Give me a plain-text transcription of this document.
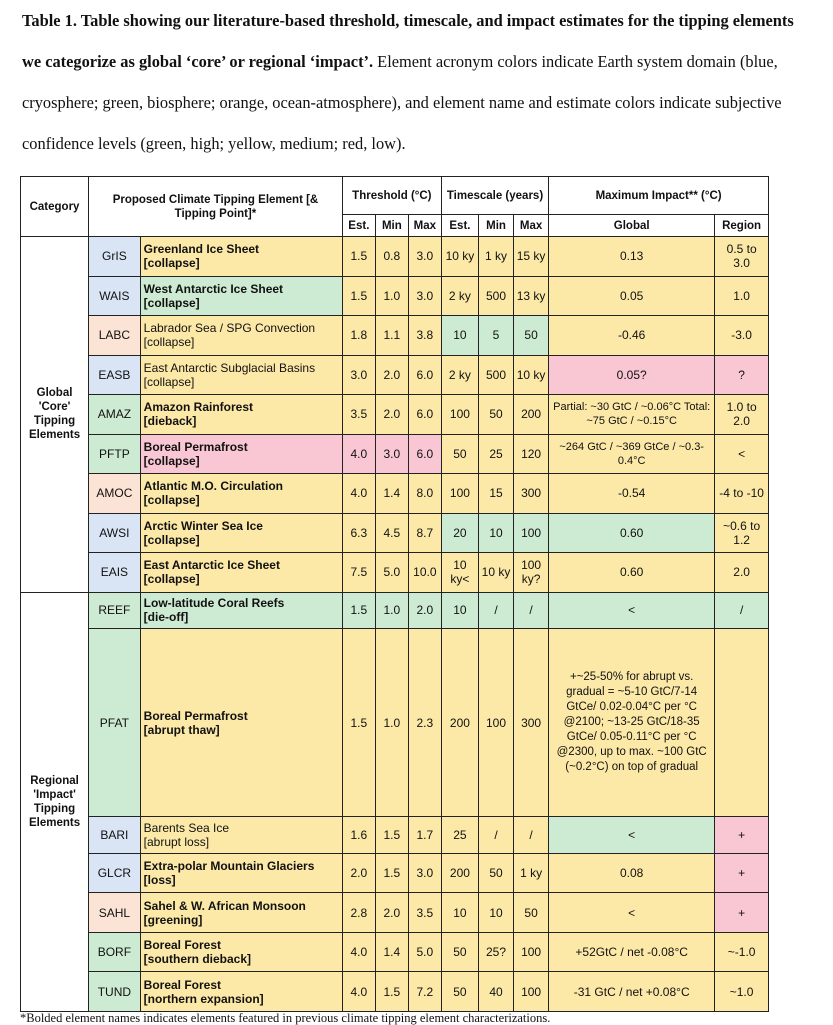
Table 1. Table showing our literature-based threshold, timescale, and impact estimates for the tipping elements we categorize as global ‘core’ or regional ‘impact’. Element acronym colors indicate Earth system domain (blue, cryosphere; green, biosphere; orange, ocean-atmosphere), and element name and estimate colors indicate subjective confidence levels (green, high; yellow, medium; red, low).
Category	Proposed Climate Tipping Element [& Tipping Point]*		Threshold (°C)			Timescale (years)			Maximum Impact** (°C)	
			Est.	Min	Max	Est.	Min	Max	Global	Region
Global 'Core' Tipping Elements	GrIS	Greenland Ice Sheet
[collapse]	1.5	0.8	3.0	10 ky	1 ky	15 ky	0.13	0.5 to 3.0
	WAIS	West Antarctic Ice Sheet
[collapse]	1.5	1.0	3.0	2 ky	500	13 ky	0.05	1.0
	LABC	Labrador Sea / SPG Convection
[collapse]	1.8	1.1	3.8	10	5	50	-0.46	-3.0
	EASB	East Antarctic Subglacial Basins
[collapse]	3.0	2.0	6.0	2 ky	500	10 ky	0.05?	?
	AMAZ	Amazon Rainforest
[dieback]	3.5	2.0	6.0	100	50	200	Partial: ~30 GtC / ~0.06°C Total: ~75 GtC / ~0.15°C	1.0 to 2.0
	PFTP	Boreal Permafrost
[collapse]	4.0	3.0	6.0	50	25	120	~264 GtC / ~369 GtCe / ~0.3-0.4°C	<
	AMOC	Atlantic M.O. Circulation
[collapse]	4.0	1.4	8.0	100	15	300	-0.54	-4 to -10
	AWSI	Arctic Winter Sea Ice
[collapse]	6.3	4.5	8.7	20	10	100	0.60	~0.6 to 1.2
	EAIS	East Antarctic Ice Sheet
[collapse]	7.5	5.0	10.0	10 ky<	10 ky	100 ky?	0.60	2.0
Regional 'Impact' Tipping Elements	REEF	Low-latitude Coral Reefs
[die-off]	1.5	1.0	2.0	10	/	/	<	/
	PFAT	Boreal Permafrost
[abrupt thaw]	1.5	1.0	2.3	200	100	300	+~25-50% for abrupt vs. gradual = ~5-10 GtC/7-14 GtCe/ 0.02-0.04°C per °C @2100; ~13-25 GtC/18-35 GtCe/ 0.05-0.11°C per °C @2300, up to max. ~100 GtC (~0.2°C) on top of gradual	
	BARI	Barents Sea Ice
[abrupt loss]	1.6	1.5	1.7	25	/	/	<	+
	GLCR	Extra-polar Mountain Glaciers
[loss]	2.0	1.5	3.0	200	50	1 ky	0.08	+
	SAHL	Sahel & W. African Monsoon
[greening]	2.8	2.0	3.5	10	10	50	<	+
	BORF	Boreal Forest
[southern dieback]	4.0	1.4	5.0	50	25?	100	+52GtC / net -0.08°C	~-1.0
	TUND	Boreal Forest
[northern expansion]	4.0	1.5	7.2	50	40	100	-31 GtC / net +0.08°C	~1.0
*Bolded element names indicates elements featured in previous climate tipping element characterizations.
